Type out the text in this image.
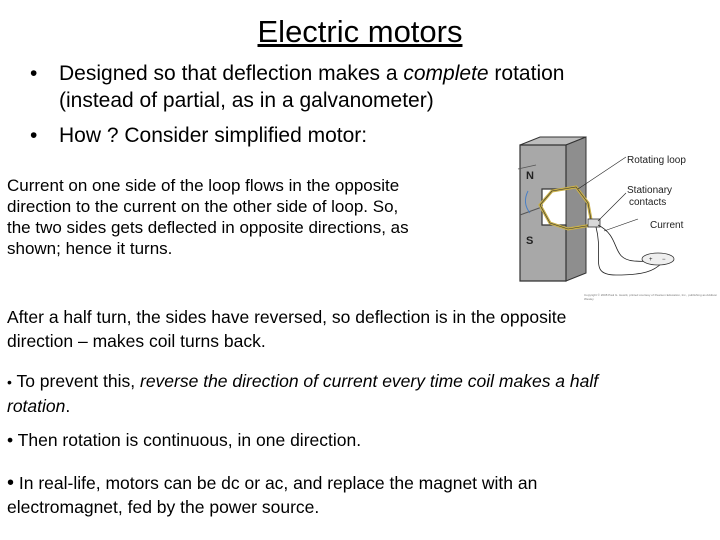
Electric motors
•	Designed so that deflection makes a complete rotation
(instead of partial, as in a galvanometer)
•	How ? Consider simplified motor:
Current on one side of the loop flows in the opposite
direction to the current on the other side of loop. So,
the two sides gets deflected in opposite directions, as
shown; hence it turns.
After a half turn, the sides have reversed, so deflection is in the opposite
direction – makes coil turns back.
• To prevent this, reverse the direction of current every time coil makes a half
rotation.
• Then rotation is continuous, in one direction.
• In real-life, motors can be dc or ac, and replace the magnet with an
electromagnet, fed by the power source.
N
S
+ −
Rotating loop
Stationary
contacts
Current
Copyright © 2008 Paul G. Hewitt, printed courtesy of Pearson Education, Inc., publishing as Addison Wesley
